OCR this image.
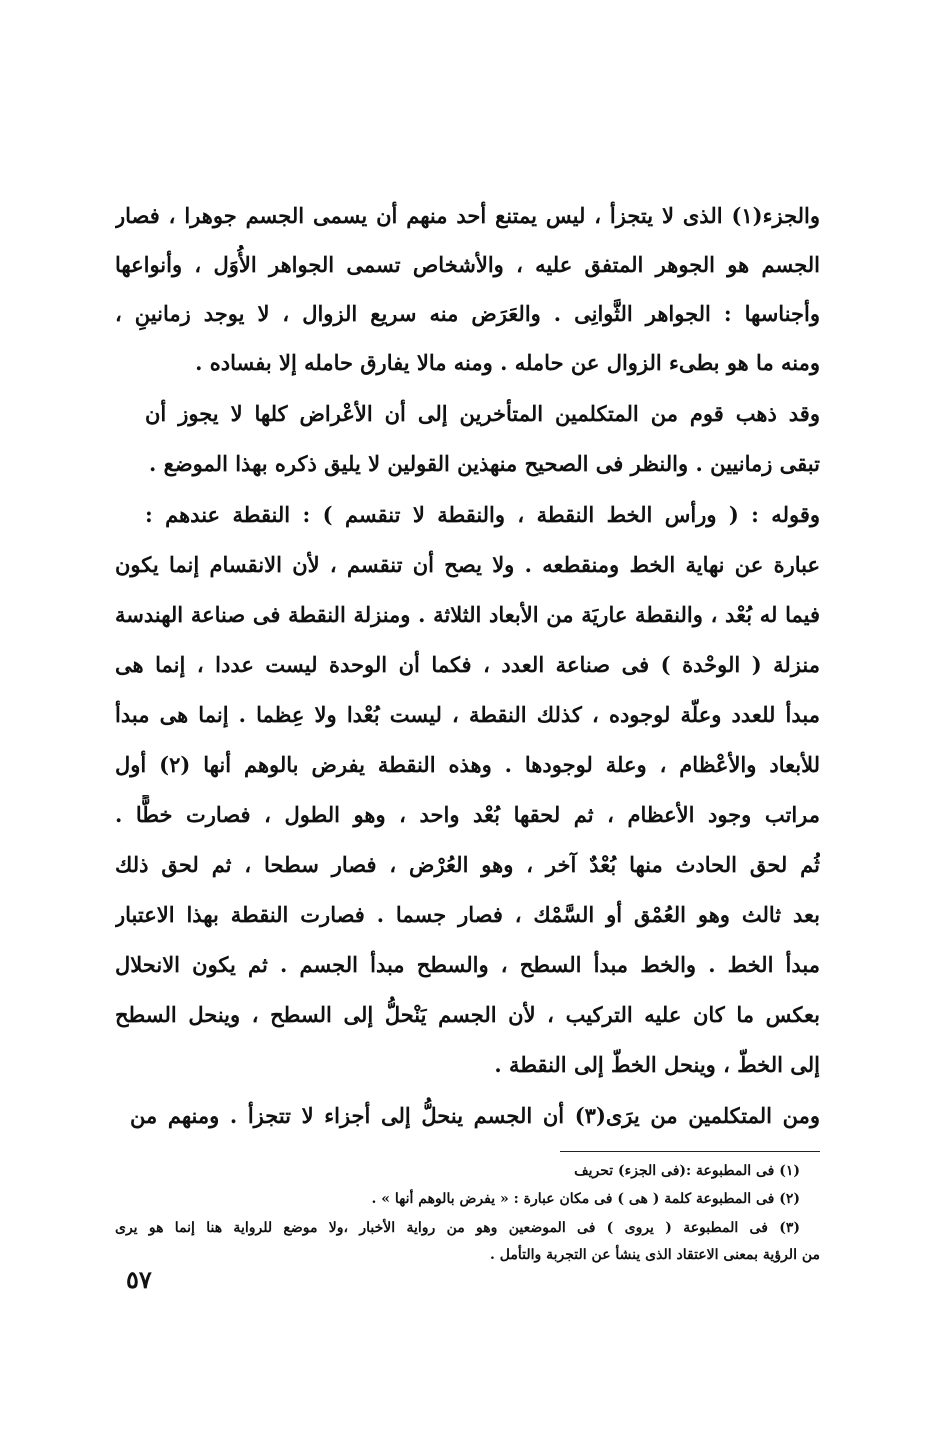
والجزء(١) الذى لا يتجزأ ، ليس يمتنع أحد منهم أن يسمى الجسم جوهرا ، فصار
الجسم هو الجوهر المتفق عليه ، والأشخاص تسمى الجواهر الأُوَل ، وأنواعها
وأجناسها : الجواهر الثَّوانِى . والعَرَض منه سريع الزوال ، لا يوجد زمانينِ ،
ومنه ما هو بطىء الزوال عن حامله . ومنه مالا يفارق حامله إلا بفساده .
وقد ذهب قوم من المتكلمين المتأخرين إلى أن الأعْراض كلها لا يجوز أن
تبقى زمانيين . والنظر فى الصحيح منهذين القولين لا يليق ذكره بهذا الموضع .
وقوله : ( ورأس الخط النقطة ، والنقطة لا تنقسم ) : النقطة عندهم :
عبارة عن نهاية الخط ومنقطعه . ولا يصح أن تنقسم ، لأن الانقسام إنما يكون
فيما له بُعْد ، والنقطة عاريَة من الأبعاد الثلاثة . ومنزلة النقطة فى صناعة الهندسة
منزلة ( الوحْدة ) فى صناعة العدد ، فكما أن الوحدة ليست عددا ، إنما هى
مبدأ للعدد وعلّة لوجوده ، كذلك النقطة ، ليست بُعْدا ولا عِظما . إنما هى مبدأ
للأبعاد والأعْظام ، وعلة لوجودها . وهذه النقطة يفرض بالوهم أنها (٢) أول
مراتب وجود الأعظام ، ثم لحقها بُعْد واحد ، وهو الطول ، فصارت خطًّا .
ثُم لحق الحادث منها بُعْدٌ آخر ، وهو العُرْض ، فصار سطحا ، ثم لحق ذلك
بعد ثالث وهو العُمْق أو السَّمْك ، فصار جسما . فصارت النقطة بهذا الاعتبار
مبدأ الخط . والخط مبدأ السطح ، والسطح مبدأ الجسم . ثم يكون الانحلال
بعكس ما كان عليه التركيب ، لأن الجسم يَنْحلُّ إلى السطح ، وينحل السطح
إلى الخطّ ، وينحل الخطّ إلى النقطة .
ومن المتكلمين من يرَى(٣) أن الجسم ينحلُّ إلى أجزاء لا تتجزأ . ومنهم من
(١) فى المطبوعة :(فى الجزء) تحريف
(٢) فى المطبوعة كلمة ( هى ) فى مكان عبارة : « يفرض بالوهم أنها » .
(٣) فى المطبوعة ( يروى ) فى الموضعين وهو من رواية الأخبار ،ولا موضع للرواية هنا إنما هو يرى
من الرؤية بمعنى الاعتقاد الذى ينشأ عن التجربة والتأمل .
٥٧
